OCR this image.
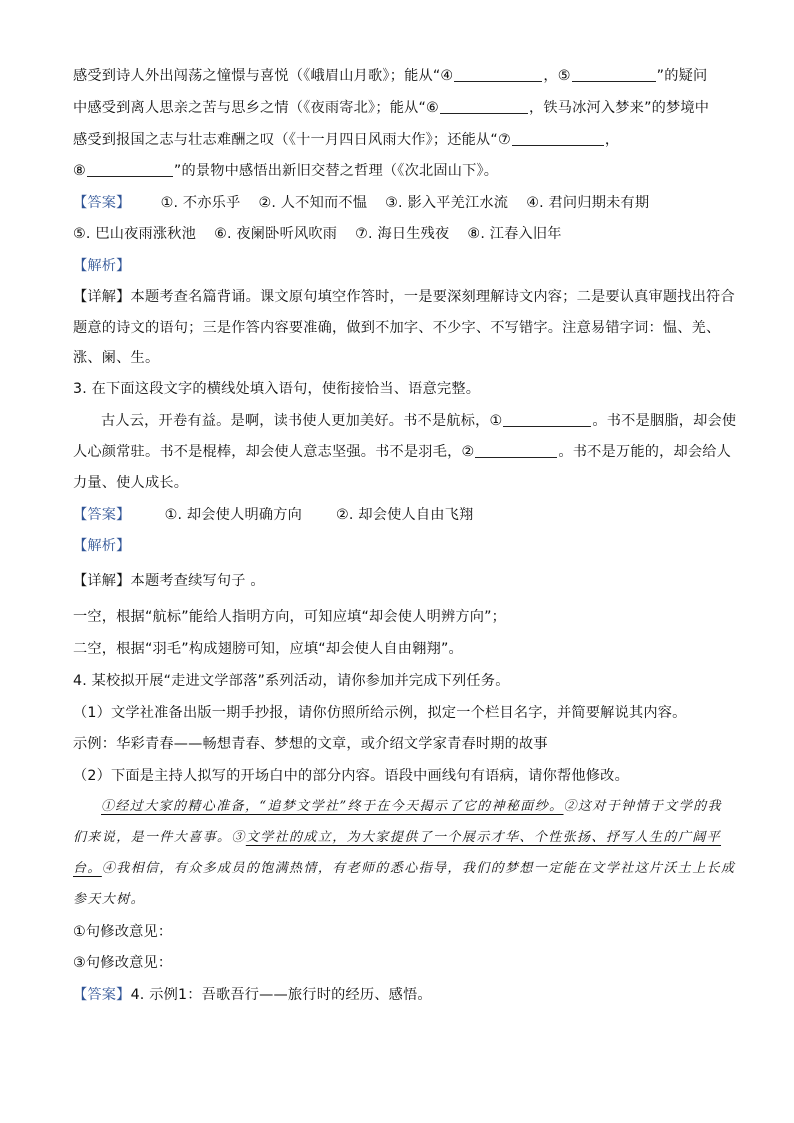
感受到诗人外出闯荡之憧憬与喜悦（《峨眉山月歌》；能从“④	，⑤	”的疑问
中感受到离人思亲之苦与思乡之情（《夜雨寄北》；能从“⑥	，铁马冰河入梦来”的梦境中
感受到报国之志与壮志难酬之叹（《十一月四日风雨大作》；还能从“⑦	，
⑧	”的景物中感悟出新旧交替之哲理（《次北固山下》。
【答案】 ①. 不亦乐乎 ②. 人不知而不愠 ③. 影入平羌江水流 ④. 君问归期未有期
⑤. 巴山夜雨涨秋池 ⑥. 夜阑卧听风吹雨 ⑦. 海日生残夜 ⑧. 江春入旧年
【解析】
【详解】本题考查名篇背诵。课文原句填空作答时，一是要深刻理解诗文内容；二是要认真审题找出符合
题意的诗文的语句；三是作答内容要准确，做到不加字、不少字、不写错字。注意易错字词：愠、羌、
涨、阑、生。
3. 在下面这段文字的横线处填入语句，使衔接恰当、语意完整。
古人云，开卷有益。是啊，读书使人更加美好。书不是航标，①	。书不是胭脂，却会使
人心颜常驻。书不是棍棒，却会使人意志坚强。书不是羽毛，②	。书不是万能的，却会给人
力量、使人成长。
【答案】 ①. 却会使人明确方向 ②. 却会使人自由飞翔
【解析】
【详解】本题考查续写句子 。
一空，根据“航标”能给人指明方向，可知应填“却会使人明辨方向”；
二空，根据“羽毛”构成翅膀可知，应填“却会使人自由翱翔”。
4. 某校拟开展“走进文学部落”系列活动，请你参加并完成下列任务。
（1）文学社准备出版一期手抄报，请你仿照所给示例，拟定一个栏目名字，并简要解说其内容。
示例：华彩青春——畅想青春、梦想的文章，或介绍文学家青春时期的故事
（2）下面是主持人拟写的开场白中的部分内容。语段中画线句有语病，请你帮他修改。
①经过大家的精心准备，“追梦文学社”终于在今天揭示了它的神秘面纱。②这对于钟情于文学的我
们来说，是一件大喜事。③文学社的成立，为大家提供了一个展示才华、个性张扬、抒写人生的广阔平
台。④我相信，有众多成员的饱满热情，有老师的悉心指导，我们的梦想一定能在文学社这片沃土上长成
参天大树。
①句修改意见：
③句修改意见：
【答案】4. 示例1：吾歌吾行——旅行时的经历、感悟。
